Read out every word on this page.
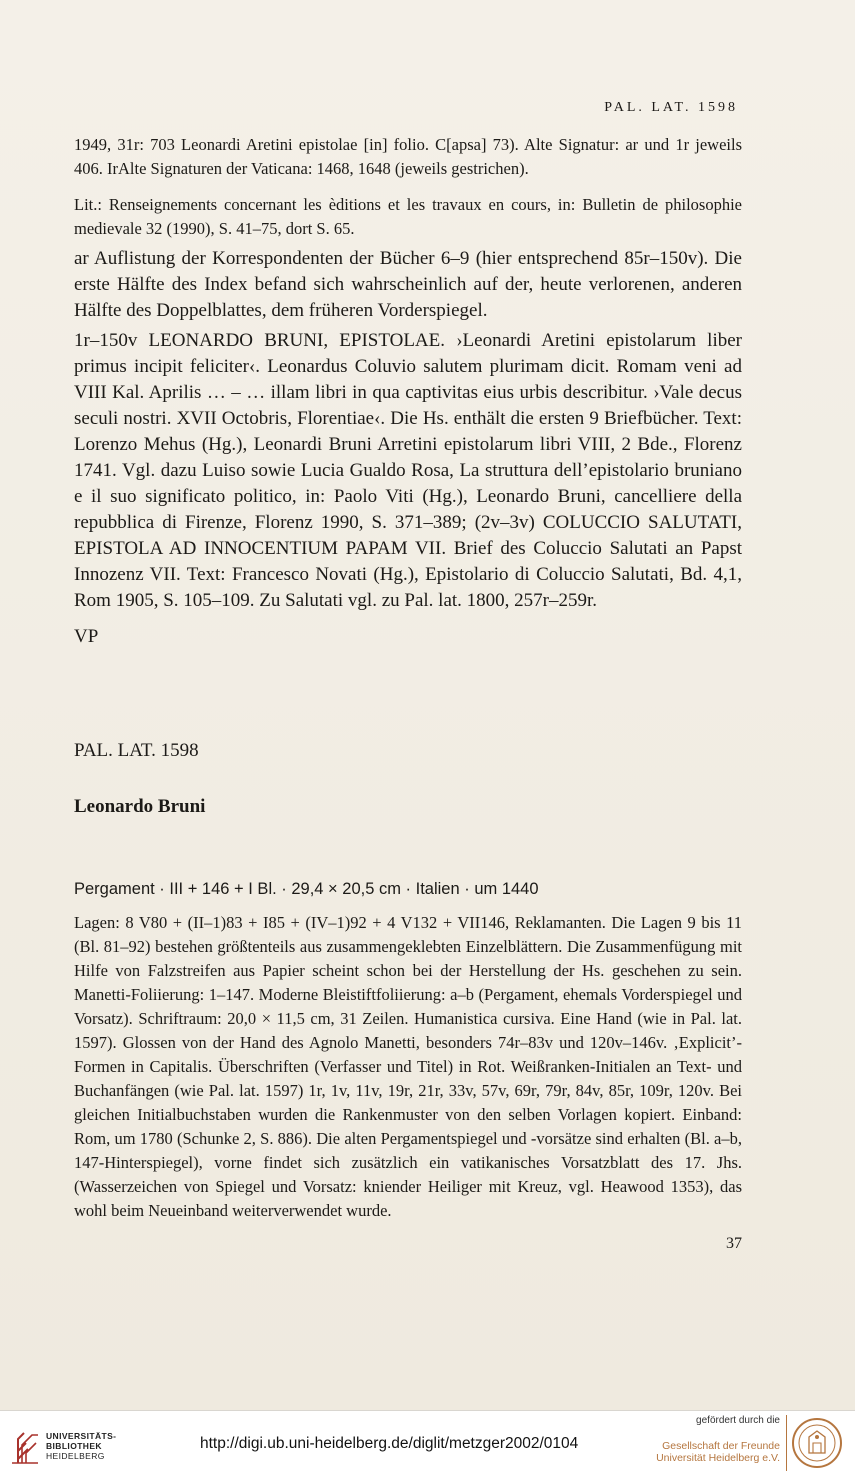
PAL. LAT. 1598

1949, 31r: 703 Leonardi Aretini epistolae [in] folio. C[apsa] 73). Alte Signatur: ar und 1r jeweils 406. IrAlte Signaturen der Vaticana: 1468, 1648 (jeweils gestrichen).

Lit.: Renseignements concernant les èditions et les travaux en cours, in: Bulletin de philosophie medievale 32 (1990), S. 41–75, dort S. 65.

ar Auflistung der Korrespondenten der Bücher 6–9 (hier entsprechend 85r–150v). Die erste Hälfte des Index befand sich wahrscheinlich auf der, heute verlorenen, anderen Hälfte des Doppelblattes, dem früheren Vorderspiegel.

1r–150v LEONARDO BRUNI, EPISTOLAE. ›Leonardi Aretini epistolarum liber primus incipit feliciter‹. Leonardus Coluvio salutem plurimam dicit. Romam veni ad VIII Kal. Aprilis … – … illam libri in qua captivitas eius urbis describitur. ›Vale decus seculi nostri. XVII Octobris, Florentiae‹. Die Hs. enthält die ersten 9 Briefbücher. Text: Lorenzo Mehus (Hg.), Leonardi Bruni Arretini epistolarum libri VIII, 2 Bde., Florenz 1741. Vgl. dazu Luiso sowie Lucia Gualdo Rosa, La struttura dell’epistolario bruniano e il suo significato politico, in: Paolo Viti (Hg.), Leonardo Bruni, cancelliere della repubblica di Firenze, Florenz 1990, S. 371–389; (2v–3v) COLUCCIO SALUTATI, EPISTOLA AD INNOCENTIUM PAPAM VII. Brief des Coluccio Salutati an Papst Innozenz VII. Text: Francesco Novati (Hg.), Epistolario di Coluccio Salutati, Bd. 4,1, Rom 1905, S. 105–109. Zu Salutati vgl. zu Pal. lat. 1800, 257r–259r.

VP
PAL. LAT. 1598
Leonardo Bruni
Pergament · III + 146 + I Bl. · 29,4 × 20,5 cm · Italien · um 1440

Lagen: 8 V80 + (II–1)83 + I85 + (IV–1)92 + 4 V132 + VII146, Reklamanten. Die Lagen 9 bis 11 (Bl. 81–92) bestehen größtenteils aus zusammengeklebten Einzelblättern. Die Zusammenfügung mit Hilfe von Falzstreifen aus Papier scheint schon bei der Herstellung der Hs. geschehen zu sein. Manetti-Foliierung: 1–147. Moderne Bleistiftfoliierung: a–b (Pergament, ehemals Vorderspiegel und Vorsatz). Schriftraum: 20,0 × 11,5 cm, 31 Zeilen. Humanistica cursiva. Eine Hand (wie in Pal. lat. 1597). Glossen von der Hand des Agnolo Manetti, besonders 74r–83v und 120v–146v. ‚Explicit’-Formen in Capitalis. Überschriften (Verfasser und Titel) in Rot. Weißranken-Initialen an Text- und Buchanfängen (wie Pal. lat. 1597) 1r, 1v, 11v, 19r, 21r, 33v, 57v, 69r, 79r, 84v, 85r, 109r, 120v. Bei gleichen Initialbuchstaben wurden die Rankenmuster von den selben Vorlagen kopiert. Einband: Rom, um 1780 (Schunke 2, S. 886). Die alten Pergamentspiegel und -vorsätze sind erhalten (Bl. a–b, 147-Hinterspiegel), vorne findet sich zusätzlich ein vatikanisches Vorsatzblatt des 17. Jhs. (Wasserzeichen von Spiegel und Vorsatz: kniender Heiliger mit Kreuz, vgl. Heawood 1353), das wohl beim Neueinband weiterverwendet wurde.

37
UNIVERSITÄTS-
BIBLIOTHEK
HEIDELBERG
http://digi.ub.uni-heidelberg.de/diglit/metzger2002/0104
gefördert durch die
Gesellschaft der Freunde
Universität Heidelberg e.V.
